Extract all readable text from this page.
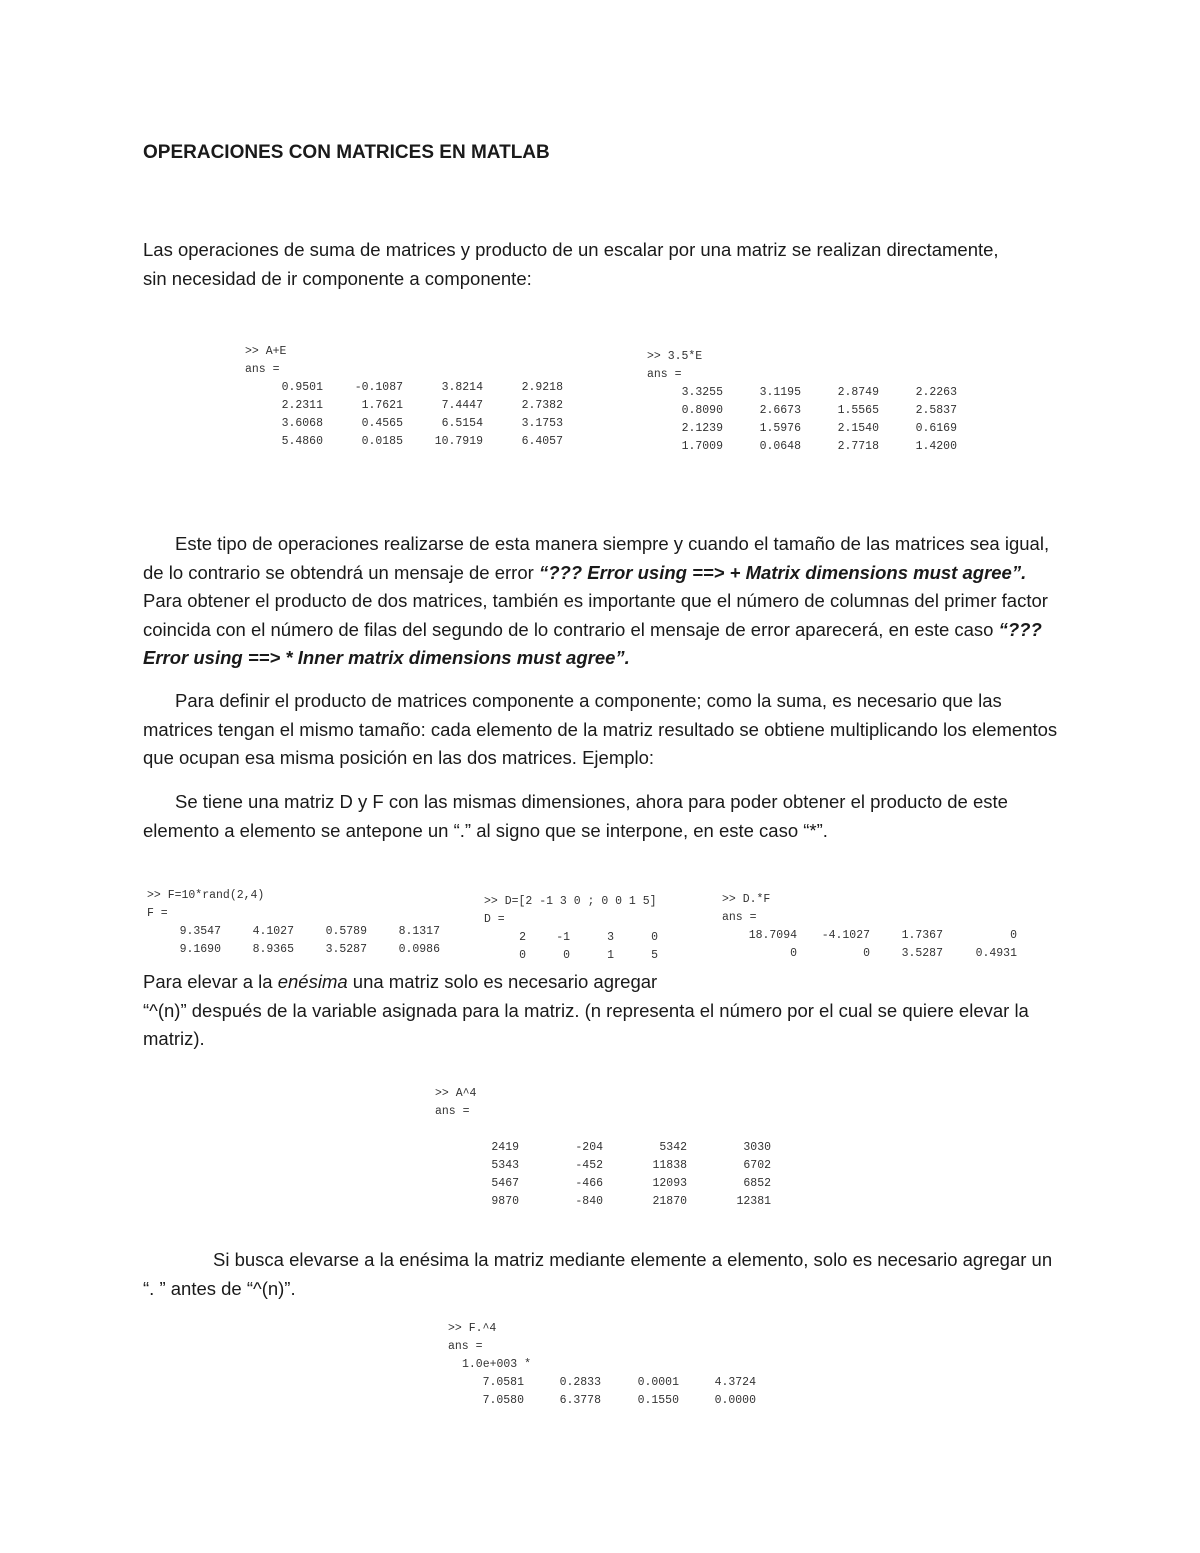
OPERACIONES CON MATRICES EN MATLAB

Las operaciones de suma de matrices y producto de un escalar por una matriz se realizan directamente,
sin necesidad de ir componente a componente:

>> A+E
ans =
0.9501	-0.1087	3.8214	2.9218
2.2311	1.7621	7.4447	2.7382
3.6068	0.4565	6.5154	3.1753
5.4860	0.0185	10.7919	6.4057
>> 3.5*E
ans =
3.3255	3.1195	2.8749	2.2263
0.8090	2.6673	1.5565	2.5837
2.1239	1.5976	2.1540	0.6169
1.7009	0.0648	2.7718	1.4200

Este tipo de operaciones realizarse de esta manera siempre y cuando el tamaño de las matrices sea igual, de lo contrario se obtendrá un mensaje de error “??? Error using ==> + Matrix dimensions must agree”. Para obtener el producto de dos matrices, también es importante que el número de columnas del primer factor coincida con el número de filas del segundo de lo contrario el mensaje de error aparecerá, en este caso “??? Error using ==> * Inner matrix dimensions must agree”.

Para definir el producto de matrices componente a componente; como la suma, es necesario que las matrices tengan el mismo tamaño: cada elemento de la matriz resultado se obtiene multiplicando los elementos que ocupan esa misma posición en las dos matrices. Ejemplo:

Se tiene una matriz D y F con las mismas dimensiones, ahora para poder obtener el producto de este elemento a elemento se antepone un “.” al signo que se interpone, en este caso “*”.

>> F=10*rand(2,4)
F =
9.3547	4.1027	0.5789	8.1317
9.1690	8.9365	3.5287	0.0986
>> D=[2 -1 3 0 ; 0 0 1 5]
D =
2	-1	3	0
0	0	1	5
>> D.*F
ans =
18.7094	-4.1027	1.7367	0
0	0	3.5287	0.4931

Para elevar a la enésima una matriz solo es necesario agregar
“^(n)” después de la variable asignada para la matriz. (n representa el número por el cual se quiere elevar la matriz).

>> A^4
ans =
2419	-204	5342	3030
5343	-452	11838	6702
5467	-466	12093	6852
9870	-840	21870	12381

Si busca elevarse a la enésima la matriz mediante elemente a elemento, solo es necesario agregar un “. ” antes de “^(n)”.

>> F.^4
ans =
1.0e+003 *
7.0581	0.2833	0.0001	4.3724
7.0580	6.3778	0.1550	0.0000
